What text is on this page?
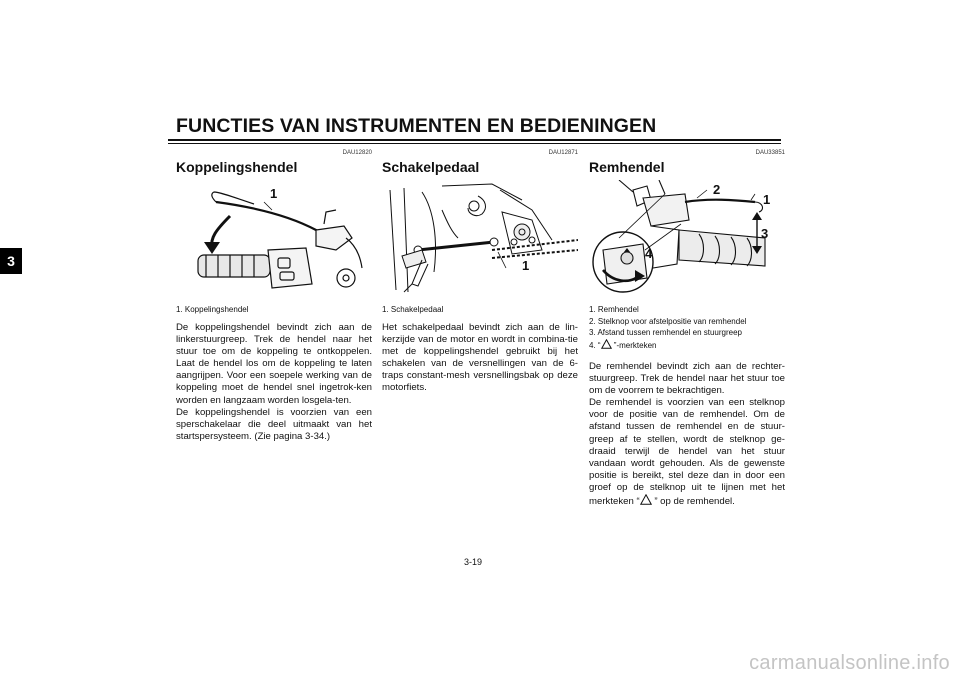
FUNCTIES VAN INSTRUMENTEN EN BEDIENINGEN
3
DAU12820
Koppelingshendel
1
1. Koppelingshendel

De koppelingshendel bevindt zich aan de linkerstuurgreep. Trek de hendel naar het stuur toe om de koppeling te ontkoppelen. Laat de hendel los om de koppeling te laten aangrijpen. Voor een soepele werking van de koppeling moet de hendel snel ingetrok-ken worden en langzaam worden losgela-ten.

De koppelingshendel is voorzien van een sperschakelaar die deel uitmaakt van het startspersysteem. (Zie pagina 3-34.)

DAU12871
Schakelpedaal
1
1. Schakelpedaal

Het schakelpedaal bevindt zich aan de lin-kerzijde van de motor en wordt in combina-tie met de koppelingshendel gebruikt bij het schakelen van de versnellingen van de 6-traps constant-mesh versnellingsbak op deze motorfiets.

DAU33851
Remhendel
2
1
3
4
1. Remhendel
2. Stelknop voor afstelpositie van remhendel
3. Afstand tussen remhendel en stuurgreep
4. “ ”-merkteken

De remhendel bevindt zich aan de rechter-stuurgreep. Trek de hendel naar het stuur toe om de voorrem te bekrachtigen.

De remhendel is voorzien van een stelknop voor de positie van de remhendel. Om de afstand tussen de remhendel en de stuur-greep af te stellen, wordt de stelknop ge-draaid terwijl de hendel van het stuur vandaan wordt gehouden. Als de gewenste positie is bereikt, stel deze dan in door een groef op de stelknop uit te lijnen met het merkteken “ ” op de remhendel.

3-19
carmanualsonline.info
